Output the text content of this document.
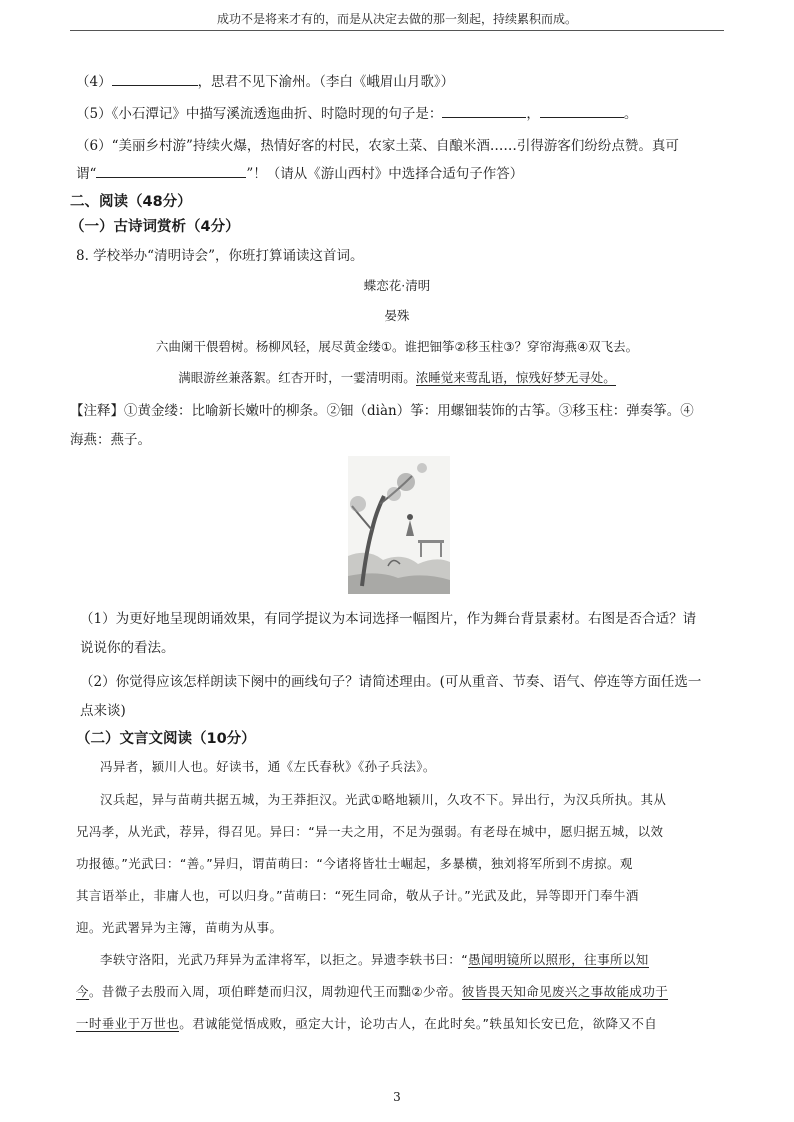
成功不是将来才有的，而是从决定去做的那一刻起，持续累积而成。
（4）	，思君不见下渝州。（李白《峨眉山月歌》）
（5）《小石潭记》中描写溪流透迤曲折、时隐时现的句子是：	，	。
（6）“美丽乡村游”持续火爆，热情好客的村民，农家土菜、自酿米酒……引得游客们纷纷点赞。真可
谓“	”！（请从《游山西村》中选择合适句子作答）
二、阅读（48分）
（一）古诗词赏析（4分）
8. 学校举办“清明诗会”，你班打算诵读这首词。
蝶恋花·清明
晏殊
六曲阑干偎碧树。杨柳风轻，展尽黄金缕①。谁把钿筝②移玉柱③？穿帘海燕④双飞去。
满眼游丝兼落絮。红杏开时，一霎清明雨。浓睡觉来莺乱语，惊残好梦无寻处。
【注释】①黄金缕：比喻新长嫩叶的柳条。②钿（diàn）筝：用螺钿装饰的古筝。③移玉柱：弹奏筝。④
海燕：燕子。
（1）为更好地呈现朗诵效果，有同学提议为本词选择一幅图片，作为舞台背景素材。右图是否合适？请
说说你的看法。
（2）你觉得应该怎样朗读下阕中的画线句子？请简述理由。(可从重音、节奏、语气、停连等方面任选一
点来谈)
（二）文言文阅读（10分）
冯异者，颍川人也。好读书，通《左氏春秋》《孙子兵法》。
汉兵起，异与苗萌共据五城，为王莽拒汉。光武①略地颍川，久攻不下。异出行，为汉兵所执。其从
兄冯孝，从光武，荐异，得召见。异曰：“异一夫之用，不足为强弱。有老母在城中，愿归据五城，以效
功报德。”光武曰：“善。”异归，谓苗萌曰：“今诸将皆壮士崛起，多暴横，独刘将军所到不虏掠。观
其言语举止，非庸人也，可以归身。”苗萌曰：“死生同命，敬从子计。”光武及此，异等即开门奉牛酒
迎。光武署异为主簿，苗萌为从事。
李轶守洛阳，光武乃拜异为孟津将军，以拒之。异遗李轶书曰：“愚闻明镜所以照形，往事所以知
今。昔微子去殷而入周，项伯畔楚而归汉，周勃迎代王而黜②少帝。彼皆畏天知命见废兴之事故能成功于
一时垂业于万世也。君诚能觉悟成败，亟定大计，论功古人，在此时矣。”轶虽知长安已危，欲降又不自
3
